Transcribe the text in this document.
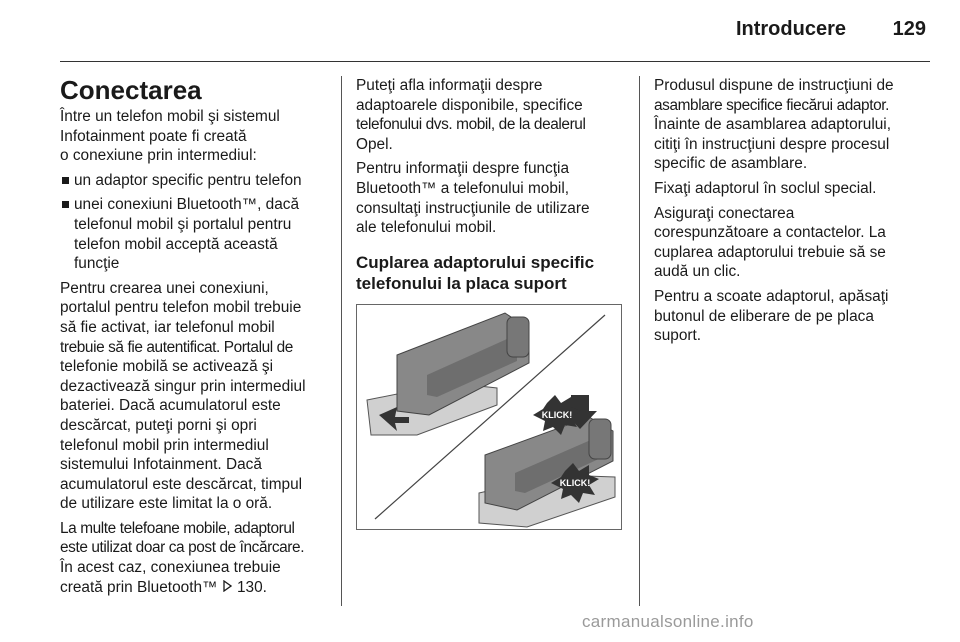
Introducere	129
Conectarea

Între un telefon mobil şi sistemul
Infotainment poate fi creată
o conexiune prin intermediul:

un adaptor specific pentru telefon
unei conexiuni Bluetooth™, dacă
telefonul mobil şi portalul pentru
telefon mobil acceptă această
funcţie

Pentru crearea unei conexiuni,
portalul pentru telefon mobil trebuie
să fie activat, iar telefonul mobil
trebuie să fie autentificat. Portalul de
telefonie mobilă se activează şi
dezactivează singur prin intermediul
bateriei. Dacă acumulatorul este
descărcat, puteţi porni şi opri
telefonul mobil prin intermediul
sistemului Infotainment. Dacă
acumulatorul este descărcat, timpul
de utilizare este limitat la o oră.

La multe telefoane mobile, adaptorul
este utilizat doar ca post de încărcare.
În acest caz, conexiunea trebuie
creată prin Bluetooth™ 130.

Puteţi afla informaţii despre
adaptoarele disponibile, specifice
telefonului dvs. mobil, de la dealerul
Opel.

Pentru informaţii despre funcţia
Bluetooth™ a telefonului mobil,
consultaţi instrucţiunile de utilizare
ale telefonului mobil.

Cuplarea adaptorului specific
telefonului la placa suport
KLICK!
KLICK!

Produsul dispune de instrucţiuni de
asamblare specifice fiecărui adaptor.
Înainte de asamblarea adaptorului,
citiţi în instrucţiuni despre procesul
specific de asamblare.

Fixaţi adaptorul în soclul special.

Asiguraţi conectarea
corespunzătoare a contactelor. La
cuplarea adaptorului trebuie să se
audă un clic.

Pentru a scoate adaptorul, apăsaţi
butonul de eliberare de pe placa
suport.

carmanualsonline.info
